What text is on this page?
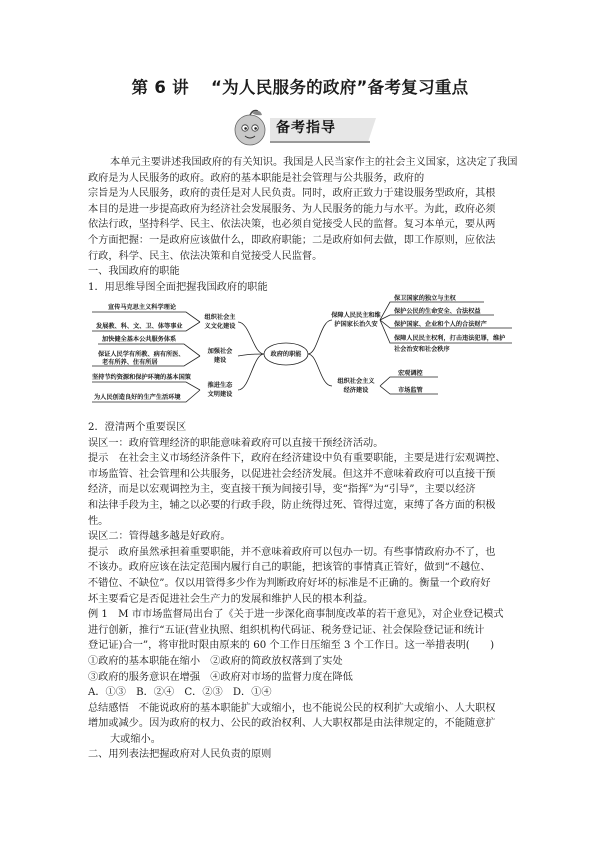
第 6 讲 “为人民服务的政府”备考复习重点
备考指导

本单元主要讲述我国政府的有关知识。我国是人民当家作主的社会主义国家，这决定了我国

政府是为人民服务的政府。政府的基本职能是社会管理与公共服务，政府的

宗旨是为人民服务，政府的责任是对人民负责。同时，政府正致力于建设服务型政府，其根

本目的是进一步提高政府为经济社会发展服务、为人民服务的能力与水平。为此，政府必须

依法行政，坚持科学、民主、依法决策，也必须自觉接受人民的监督。复习本单元，要从两

个方面把握：一是政府应该做什么，即政府职能；二是政府如何去做，即工作原则，应依法

行政，科学、民主、依法决策和自觉接受人民监督。

一、我国政府的职能

1．用思维导图全面把握我国政府的职能

政府的职能
组织社会主
义文化建设
加强社会
建设
推进生态
文明建设
宣传马克思主义科学理论
发展教、科、文、卫、体等事业
加快健全基本公共服务体系
保证人民学有所教、病有所医、
老有所养、住有所居
坚持节约资源和保护环境的基本国策
为人民创造良好的生产生活环境
保障人民民主和维
护国家长治久安
组织社会主义
经济建设
保卫国家的独立与主权
保护公民的生命安全、合法权益
保护国家、企业和个人的合法财产
保障人民民主权利，打击违法犯罪，维护
社会治安和社会秩序
宏观调控
市场监管

2．澄清两个重要误区

误区一：政府管理经济的职能意味着政府可以直接干预经济活动。

提示　在社会主义市场经济条件下，政府在经济建设中负有重要职能，主要是进行宏观调控、

市场监管、社会管理和公共服务，以促进社会经济发展。但这并不意味着政府可以直接干预

经济，而是以宏观调控为主，变直接干预为间接引导，变“指挥”为“引导”，主要以经济

和法律手段为主，辅之以必要的行政手段，防止统得过死、管得过宽，束缚了各方面的积极

性。

误区二：管得越多越是好政府。

提示　政府虽然承担着重要职能，并不意味着政府可以包办一切。有些事情政府办不了，也

不该办。政府应该在法定范围内履行自己的职能，把该管的事情真正管好，做到“不越位、

不错位、不缺位”。仅以用管得多少作为判断政府好坏的标准是不正确的。衡量一个政府好

坏主要看它是否促进社会生产力的发展和维护人民的根本利益。

例 1　M 市市场监督局出台了《关于进一步深化商事制度改革的若干意见》，对企业登记模式

进行创新，推行“五证(营业执照、组织机构代码证、税务登记证、社会保险登记证和统计

登记证)合一”，将审批时限由原来的 60 个工作日压缩至 3 个工作日。这一举措表明(　　)

①政府的基本职能在缩小　 ②政府的简政放权落到了实处

③政府的服务意识在增强　 ④政府对市场的监督力度在降低

A．①③　B．②④　C．②③　D．①④

总结感悟　不能说政府的基本职能扩大或缩小，也不能说公民的权利扩大或缩小、人大职权

增加或减少。因为政府的权力、公民的政治权利、人大职权都是由法律规定的，不能随意扩

大或缩小。

二、用列表法把握政府对人民负责的原则
